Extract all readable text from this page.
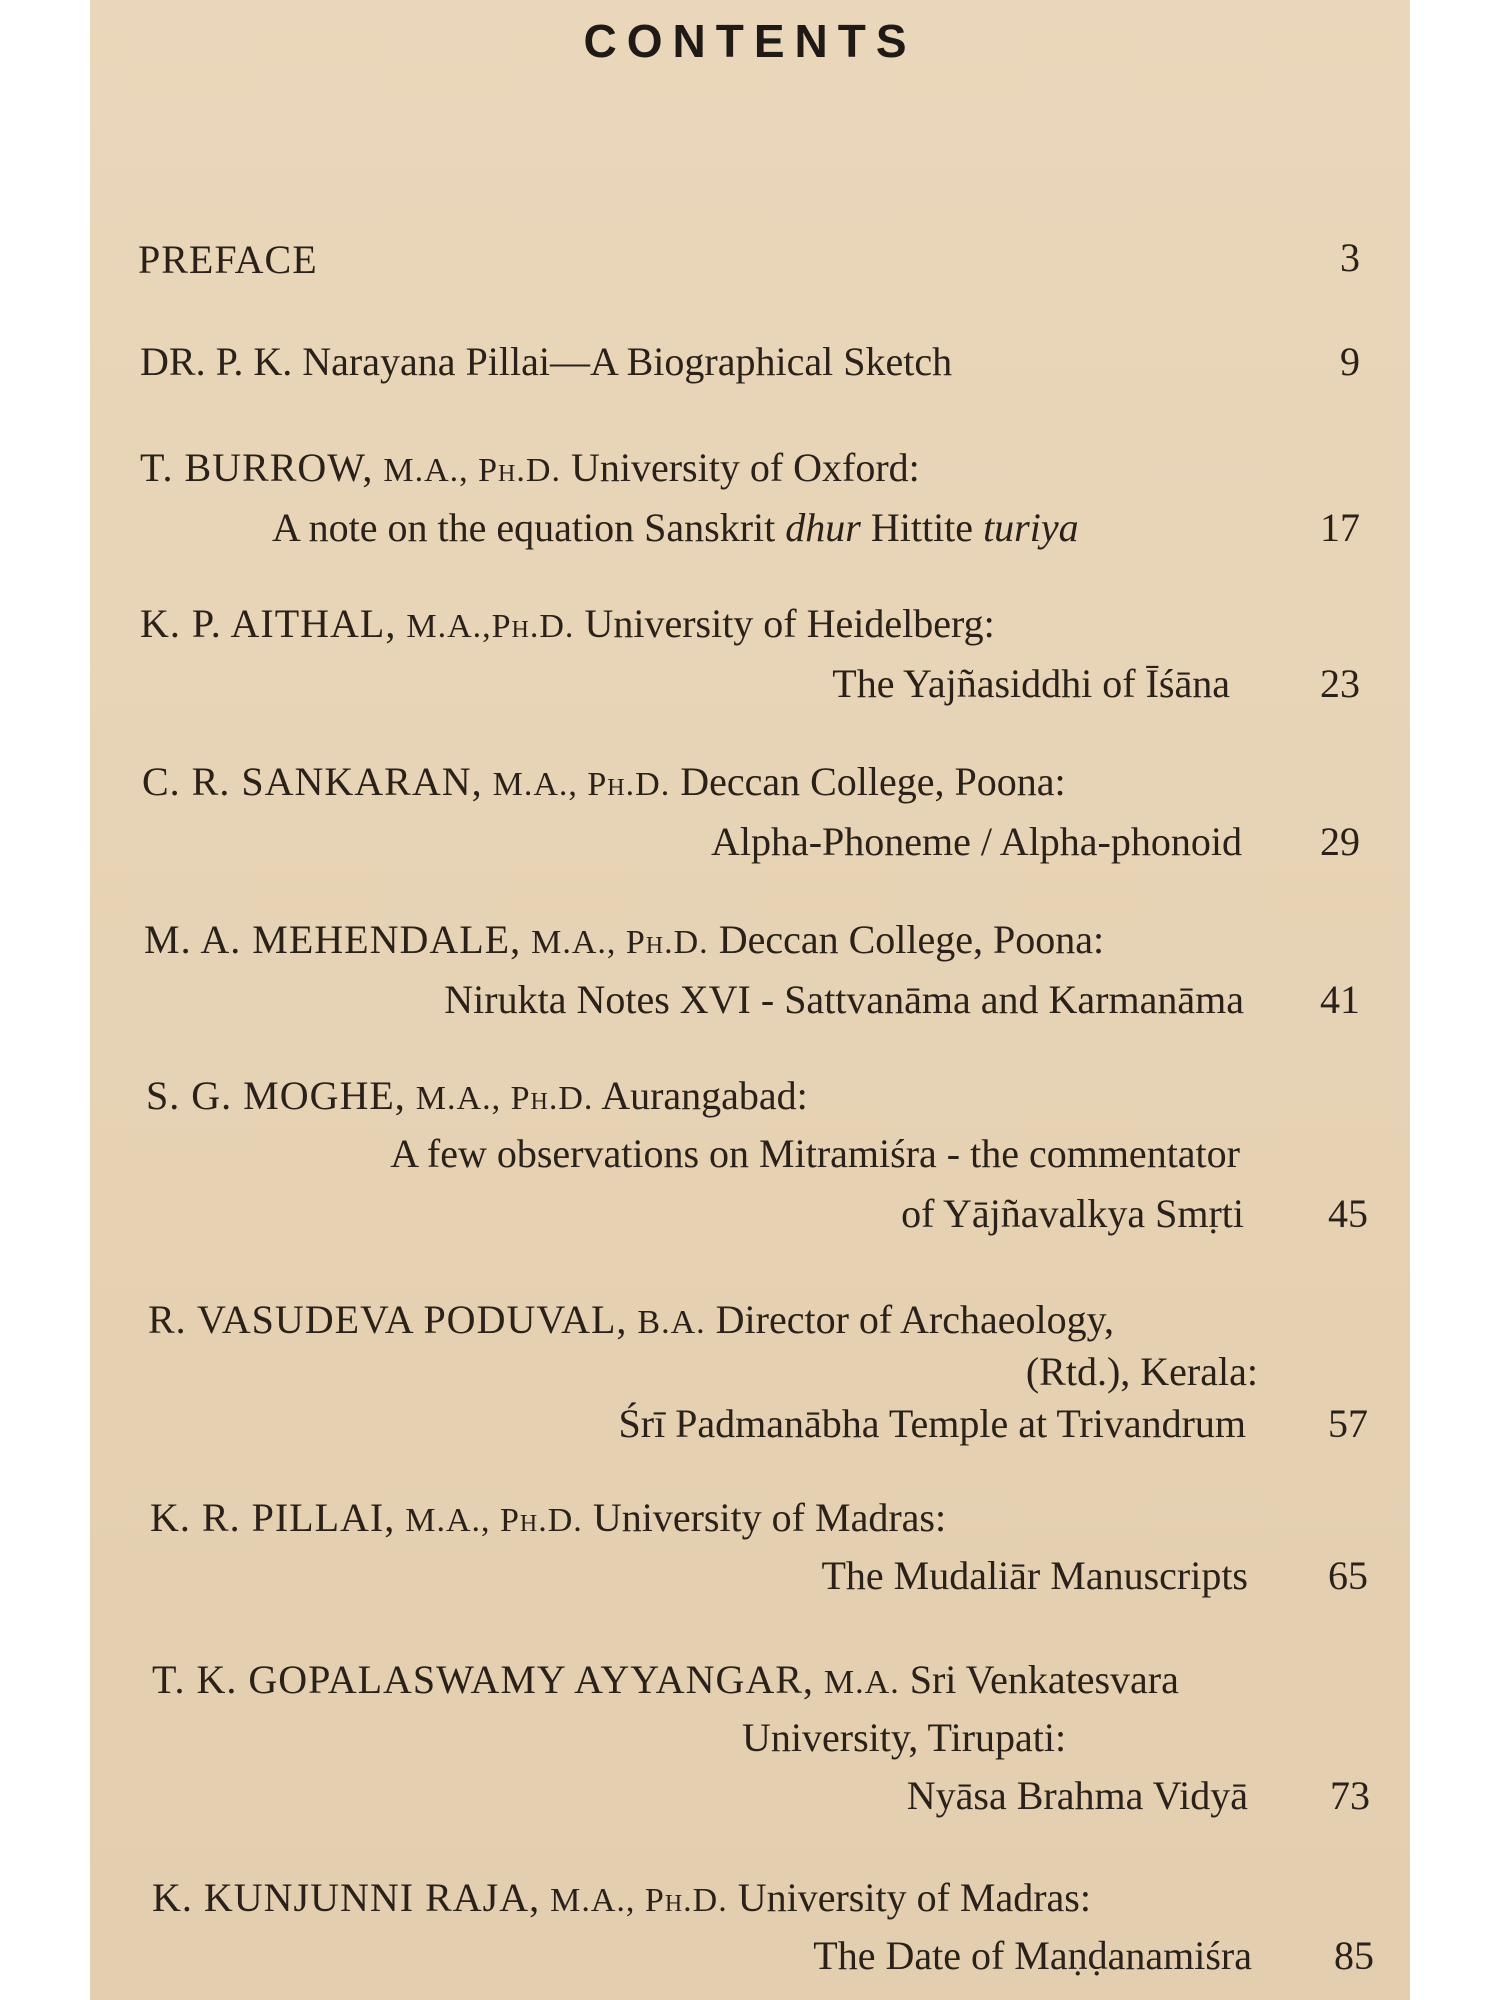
CONTENTS
PREFACE	3
DR. P. K. Narayana Pillai—A Biographical Sketch	9
T. BURROW, M.A., Ph.D. University of Oxford:
A note on the equation Sanskrit dhur Hittite turiya	17
K. P. AITHAL, M.A.,Ph.D. University of Heidelberg:
The Yajñasiddhi of Īśāna	23
C. R. SANKARAN, M.A., Ph.D. Deccan College, Poona:
Alpha-Phoneme / Alpha-phonoid	29
M. A. MEHENDALE, M.A., Ph.D. Deccan College, Poona:
Nirukta Notes XVI - Sattvanāma and Karmanāma	41
S. G. MOGHE, M.A., Ph.D. Aurangabad:
A few observations on Mitramiśra - the commentator
of Yājñavalkya Smṛti	45
R. VASUDEVA PODUVAL, B.A. Director of Archaeology,
(Rtd.), Kerala:
Śrī Padmanābha Temple at Trivandrum	57
K. R. PILLAI, M.A., Ph.D. University of Madras:
The Mudaliār Manuscripts	65
T. K. GOPALASWAMY AYYANGAR, M.A. Sri Venkatesvara
University, Tirupati:
Nyāsa Brahma Vidyā	73
K. KUNJUNNI RAJA, M.A., Ph.D. University of Madras:
The Date of Maṇḍanamiśra	85
